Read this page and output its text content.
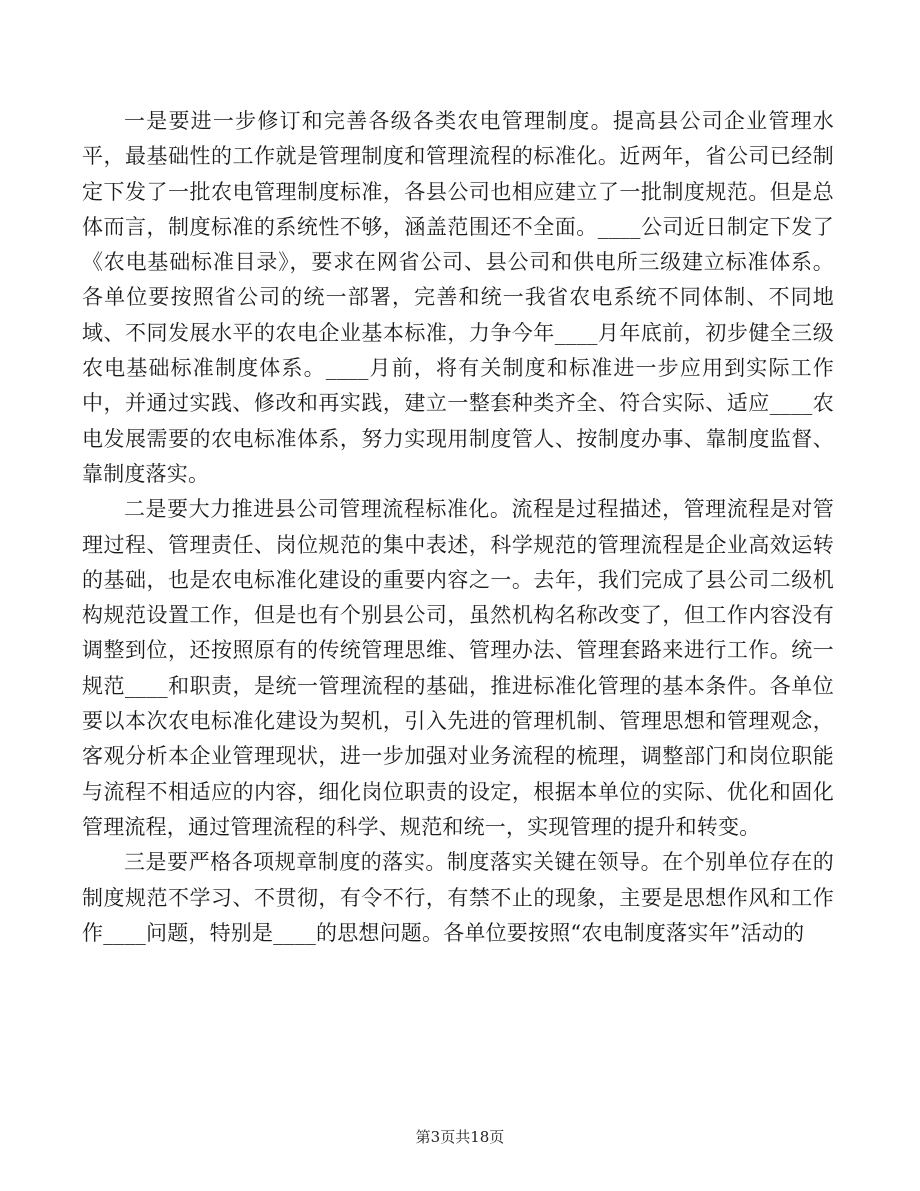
一是要进一步修订和完善各级各类农电管理制度。提高县公司企业管理水平，最基础性的工作就是管理制度和管理流程的标准化。近两年，省公司已经制定下发了一批农电管理制度标准，各县公司也相应建立了一批制度规范。但是总体而言，制度标准的系统性不够，涵盖范围还不全面。____公司近日制定下发了《农电基础标准目录》，要求在网省公司、县公司和供电所三级建立标准体系。各单位要按照省公司的统一部署，完善和统一我省农电系统不同体制、不同地域、不同发展水平的农电企业基本标准，力争今年____月年底前，初步健全三级农电基础标准制度体系。____月前，将有关制度和标准进一步应用到实际工作中，并通过实践、修改和再实践，建立一整套种类齐全、符合实际、适应____农电发展需要的农电标准体系，努力实现用制度管人、按制度办事、靠制度监督、靠制度落实。

二是要大力推进县公司管理流程标准化。流程是过程描述，管理流程是对管理过程、管理责任、岗位规范的集中表述，科学规范的管理流程是企业高效运转的基础，也是农电标准化建设的重要内容之一。去年，我们完成了县公司二级机构规范设置工作，但是也有个别县公司，虽然机构名称改变了，但工作内容没有调整到位，还按照原有的传统管理思维、管理办法、管理套路来进行工作。统一规范____和职责，是统一管理流程的基础，推进标准化管理的基本条件。各单位要以本次农电标准化建设为契机，引入先进的管理机制、管理思想和管理观念，客观分析本企业管理现状，进一步加强对业务流程的梳理，调整部门和岗位职能与流程不相适应的内容，细化岗位职责的设定，根据本单位的实际、优化和固化管理流程，通过管理流程的科学、规范和统一，实现管理的提升和转变。

三是要严格各项规章制度的落实。制度落实关键在领导。在个别单位存在的制度规范不学习、不贯彻，有令不行，有禁不止的现象，主要是思想作风和工作作____问题，特别是____的思想问题。各单位要按照“农电制度落实年”活动的

第3页共18页
